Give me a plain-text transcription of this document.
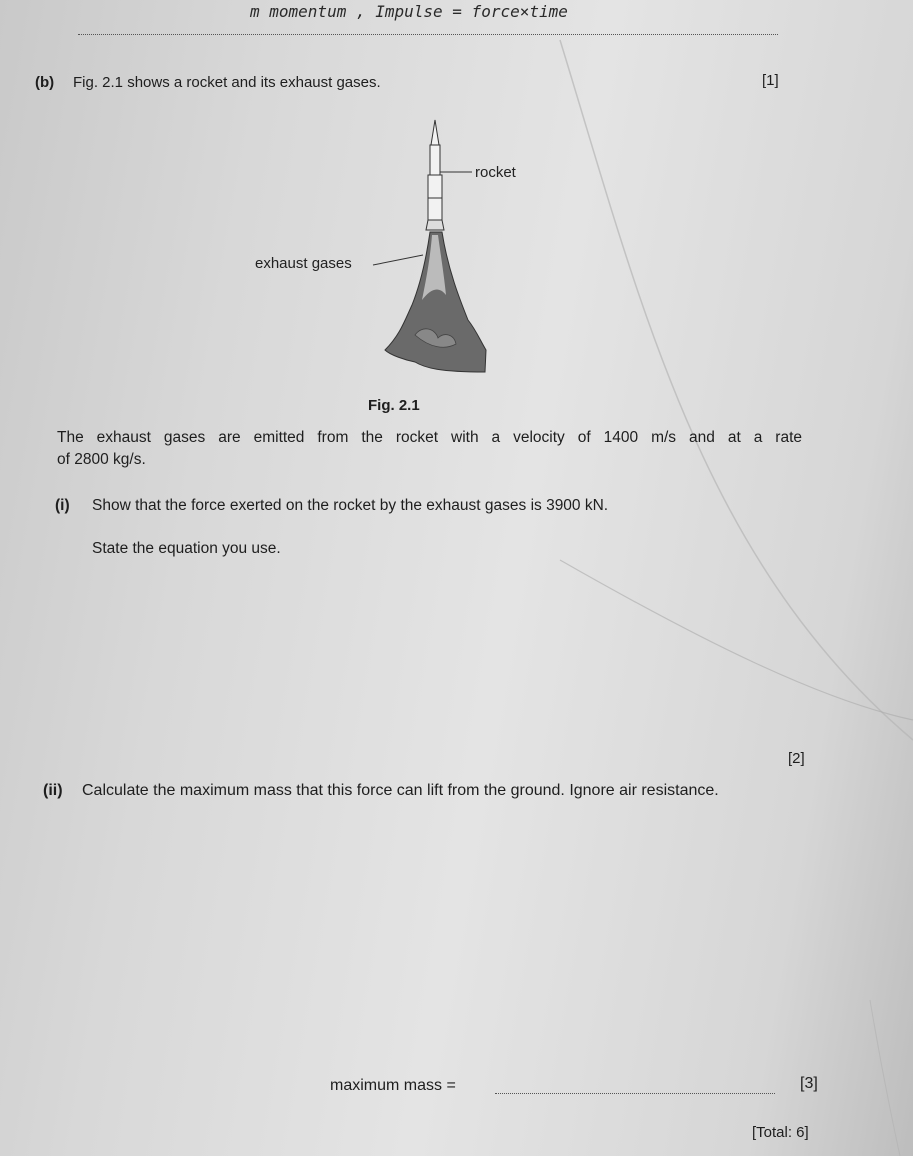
m momentum , Impulse = force×time
[1]
(b) Fig. 2.1 shows a rocket and its exhaust gases.
rocket
exhaust gases
Fig. 2.1
The exhaust gases are emitted from the rocket with a velocity of 1400 m/s and at a rate
of 2800 kg/s.
(i) Show that the force exerted on the rocket by the exhaust gases is 3900 kN.
State the equation you use.
[2]
(ii) Calculate the maximum mass that this force can lift from the ground. Ignore air resistance.
maximum mass =	[3]
[Total: 6]
